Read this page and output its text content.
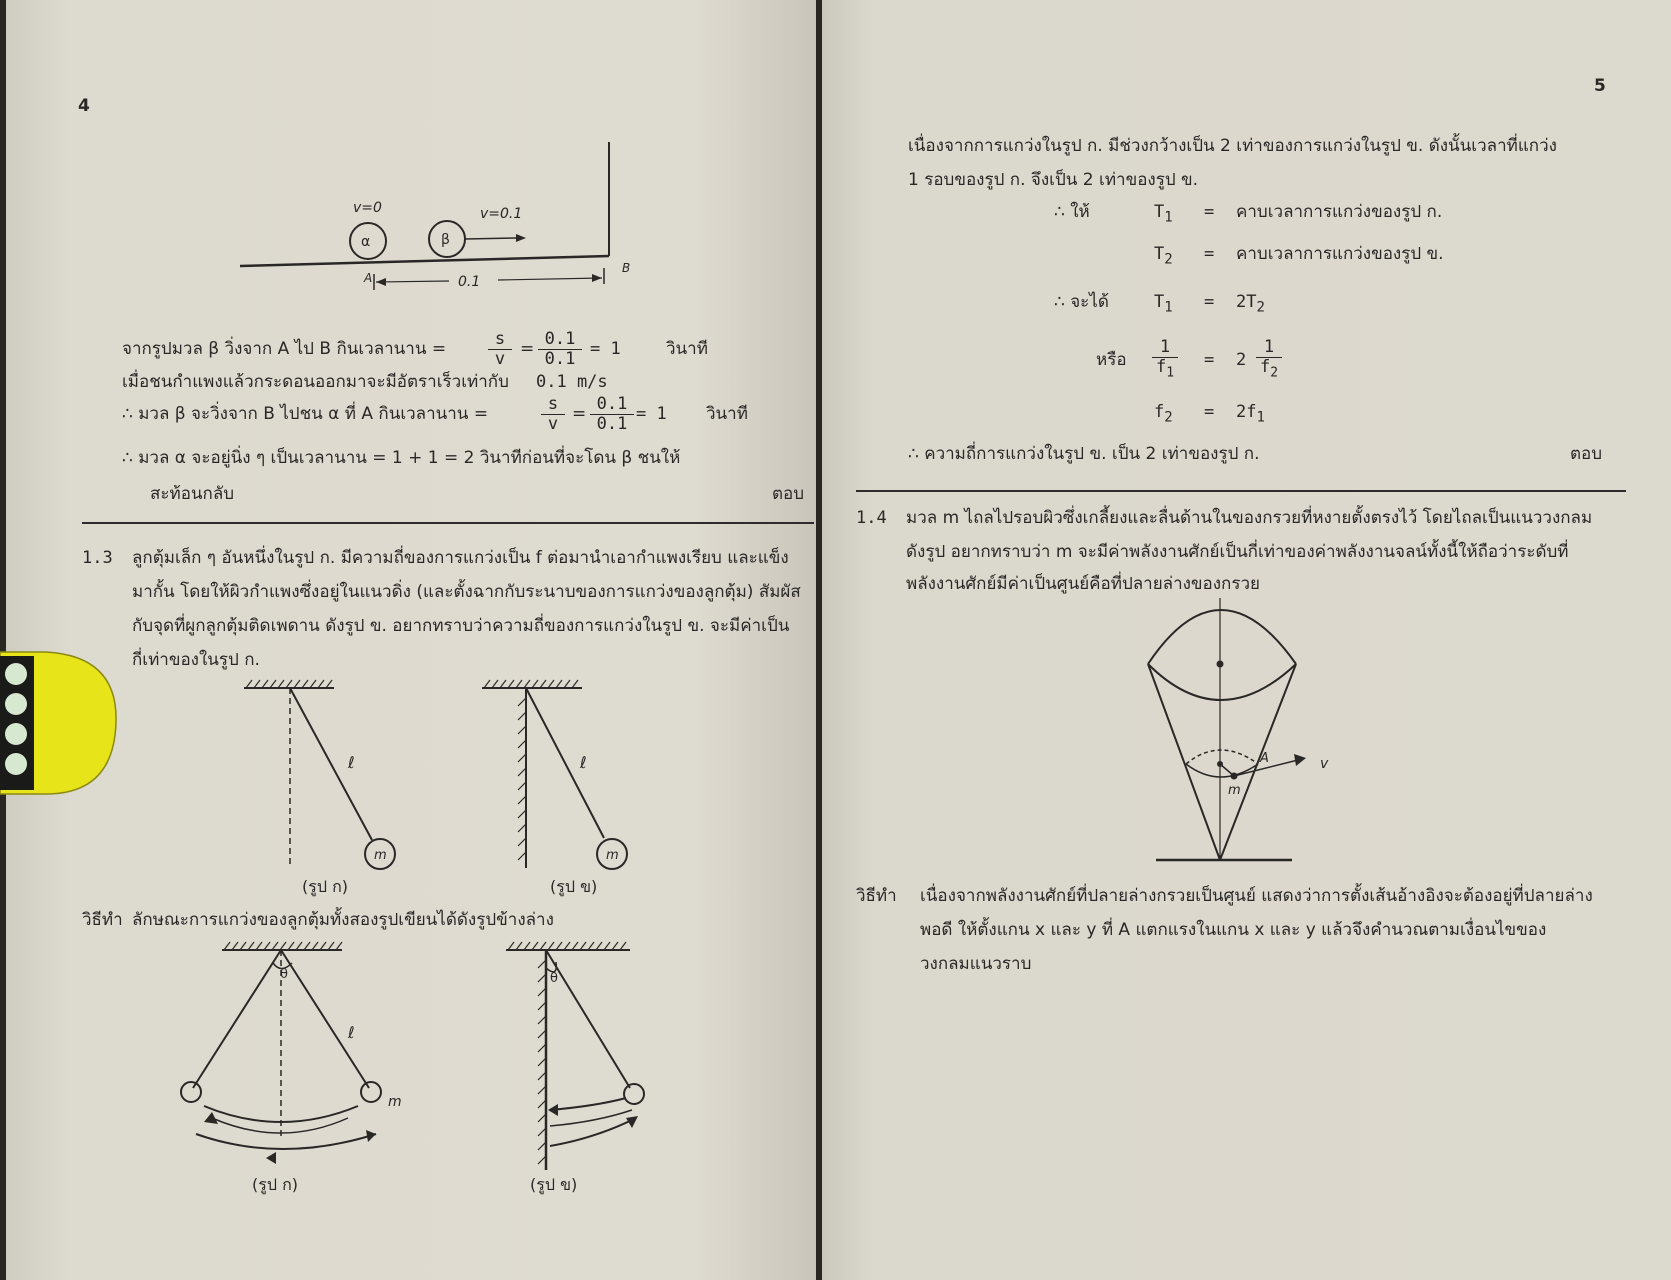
4
v=0	v=0.1
α	β
A
B
0.1
จากรูปมวล β วิ่งจาก A ไป B กินเวลานาน = $\frac{s}{v} = \frac{0.1}{0.1} = 1$	วินาที
เมื่อชนกำแพงแล้วกระดอนออกมาจะมีอัตราเร็วเท่ากับ 0.1 m/s
∴ มวล β จะวิ่งจาก B ไปชน α ที่ A กินเวลานาน =	$\frac{s}{v} = \frac{0.1}{0.1} = 1$ วินาที
∴ มวล α จะอยู่นิ่ง ๆ เป็นเวลานาน = 1 + 1 = 2 วินาทีก่อนที่จะโดน β ชนให้
สะท้อนกลับ	ตอบ
1.3 ลูกตุ้มเล็ก ๆ อันหนึ่งในรูป ก. มีความถี่ของการแกว่งเป็น f ต่อมานำเอากำแพงเรียบ และแข็ง
มากั้น โดยให้ผิวกำแพงซึ่งอยู่ในแนวดิ่ง (และตั้งฉากกับระนาบของการแกว่งของลูกตุ้ม) สัมผัส
กับจุดที่ผูกลูกตุ้มติดเพดาน ดังรูป ข. อยากทราบว่าความถี่ของการแกว่งในรูป ข. จะมีค่าเป็น
กี่เท่าของในรูป ก.
ℓ
m
(รูป ก)
ℓ
m
(รูป ข)
วิธีทำ ลักษณะการแกว่งของลูกตุ้มทั้งสองรูปเขียนได้ดังรูปข้างล่าง
θ
ℓ
m
(รูป ก)
θ
(รูป ข)
5
เนื่องจากการแกว่งในรูป ก. มีช่วงกว้างเป็น 2 เท่าของการแกว่งในรูป ข. ดังนั้นเวลาที่แกว่ง
1 รอบของรูป ก. จึงเป็น 2 เท่าของรูป ข.
∴ ให้	$T_1$ = คาบเวลาการแกว่งของรูป ก.
$T_2$ = คาบเวลาการแกว่งของรูป ข.
∴ จะได้	$T_1 = 2T_2$
หรือ $\frac{1}{f_1} = 2 \frac{1}{f_2}$
$f_2 = 2f_1$
∴ ความถี่การแกว่งในรูป ข. เป็น 2 เท่าของรูป ก.	ตอบ
1.4 มวล m ไถลไปรอบผิวซึ่งเกลี้ยงและลื่นด้านในของกรวยที่หงายตั้งตรงไว้ โดยไถลเป็นแนววงกลม
ดังรูป อยากทราบว่า m จะมีค่าพลังงานศักย์เป็นกี่เท่าของค่าพลังงานจลน์ทั้งนี้ให้ถือว่าระดับที่
พลังงานศักย์มีค่าเป็นศูนย์คือที่ปลายล่างของกรวย
A	v
m
วิธีทำ เนื่องจากพลังงานศักย์ที่ปลายล่างกรวยเป็นศูนย์ แสดงว่าการตั้งเส้นอ้างอิงจะต้องอยู่ที่ปลายล่าง
พอดี ให้ตั้งแกน x และ y ที่ A แตกแรงในแกน x และ y แล้วจึงคำนวณตามเงื่อนไขของ
วงกลมแนวราบ
